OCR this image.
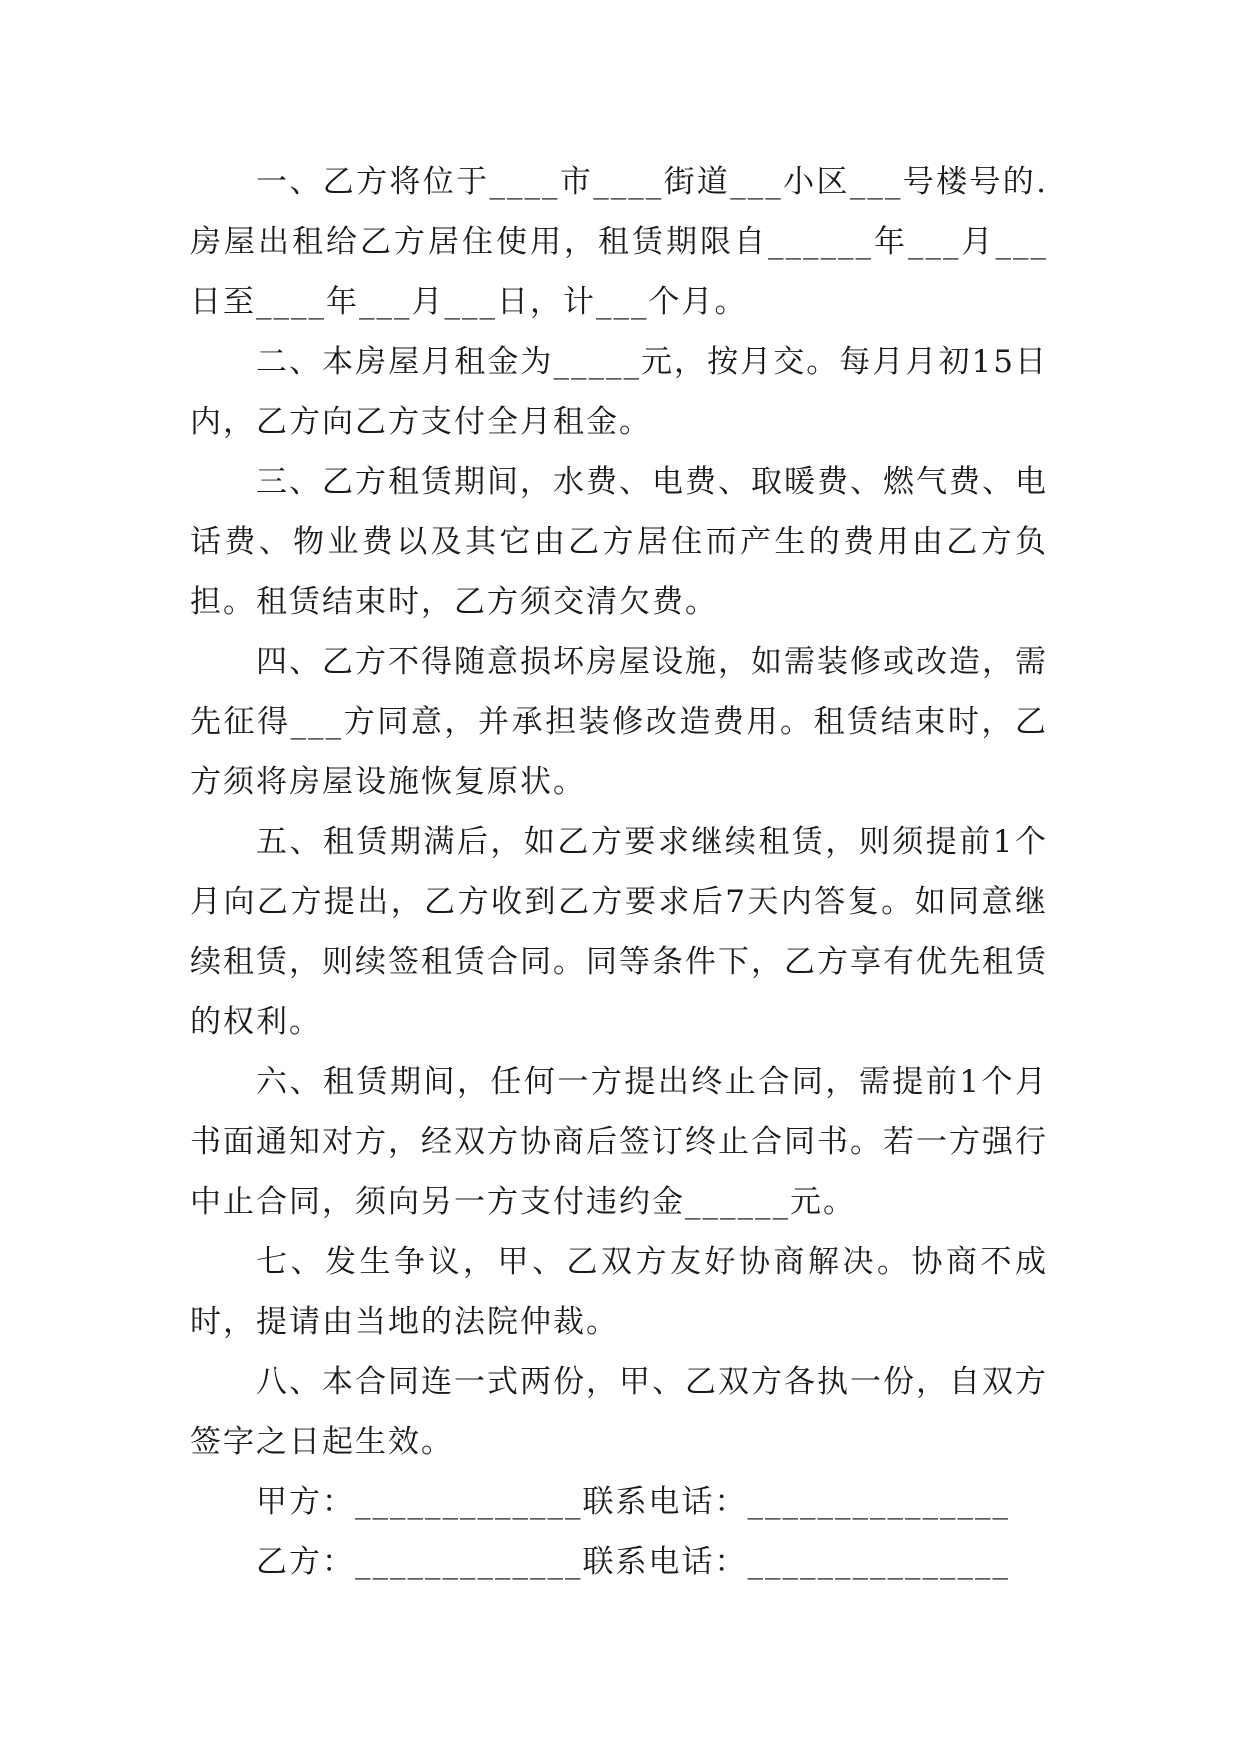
一、乙方将位于____市____街道___小区___号楼号的.房屋出租给乙方居住使用，租赁期限自______年___月___日至____年___月___日，计___个月。

二、本房屋月租金为_____元，按月交。每月月初15日内，乙方向乙方支付全月租金。

三、乙方租赁期间，水费、电费、取暖费、燃气费、电话费、物业费以及其它由乙方居住而产生的费用由乙方负担。租赁结束时，乙方须交清欠费。

四、乙方不得随意损坏房屋设施，如需装修或改造，需先征得___方同意，并承担装修改造费用。租赁结束时，乙方须将房屋设施恢复原状。

五、租赁期满后，如乙方要求继续租赁，则须提前1个月向乙方提出，乙方收到乙方要求后7天内答复。如同意继续租赁，则续签租赁合同。同等条件下，乙方享有优先租赁的权利。

六、租赁期间，任何一方提出终止合同，需提前1个月书面通知对方，经双方协商后签订终止合同书。若一方强行中止合同，须向另一方支付违约金______元。

七、发生争议，甲、乙双方友好协商解决。协商不成时，提请由当地的法院仲裁。

八、本合同连一式两份，甲、乙双方各执一份，自双方签字之日起生效。

甲方：_____________联系电话：_______________

乙方：_____________联系电话：_______________
